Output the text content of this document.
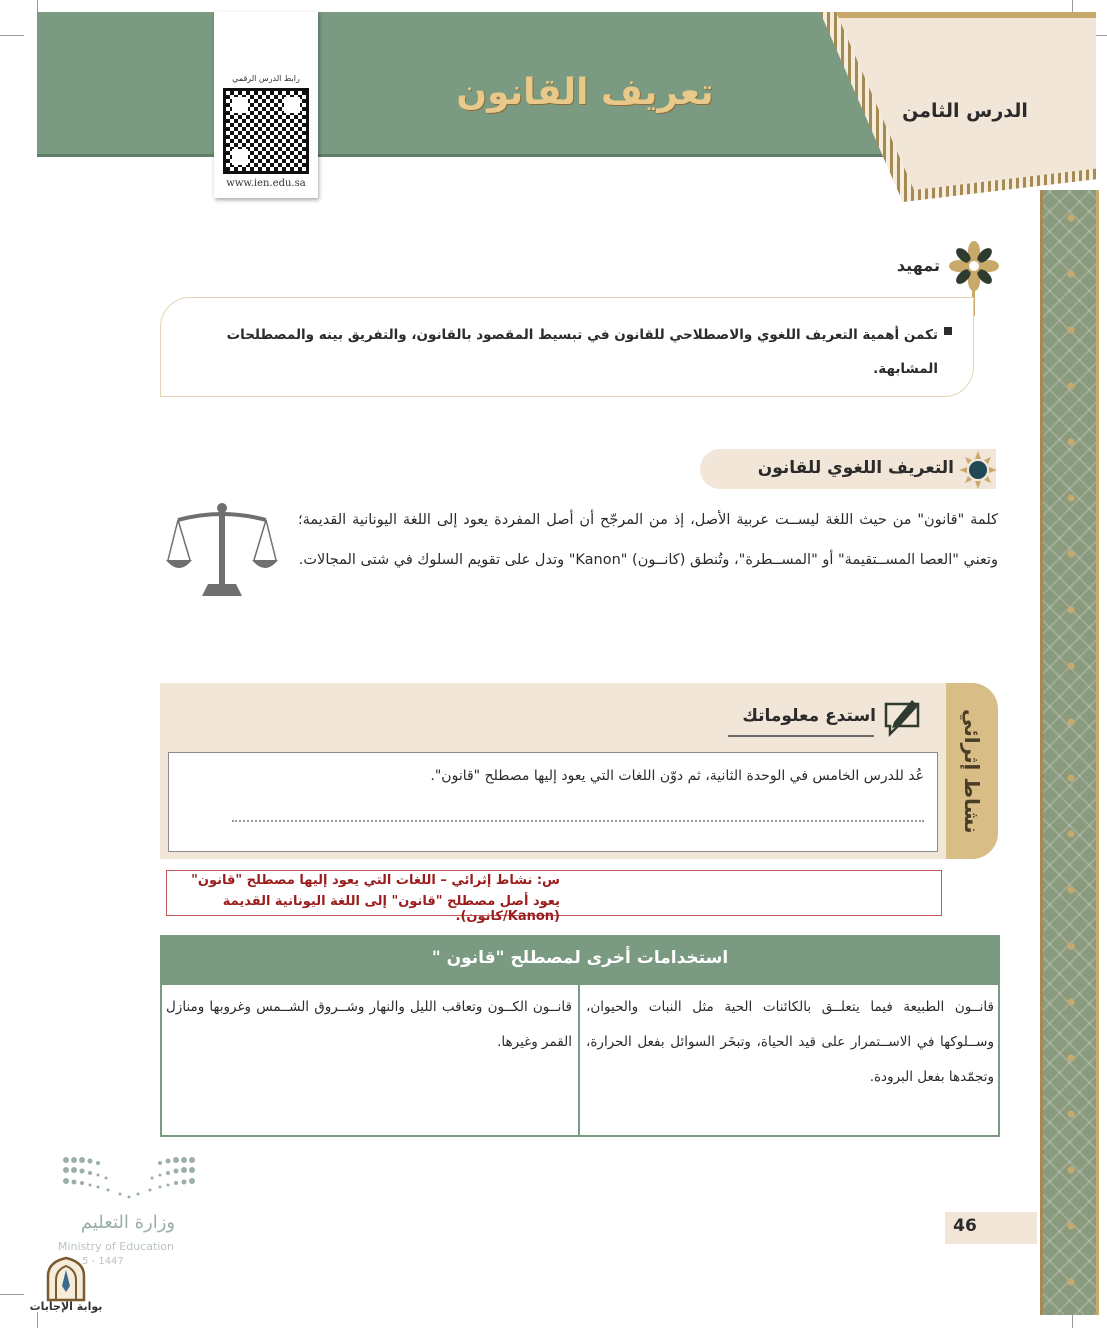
تعريف القانون	الدرس الثامن
رابط الدرس الرقمي
www.ien.edu.sa
تمهيد
تكمن أهمية التعريف اللغوي والاصطلاحي للقانون في تبسيط المقصود بالقانون، والتفريق بينه والمصطلحات المشابهة.
التعريف اللغوي للقانون
كلمة "قانون" من حيث اللغة ليســت عربية الأصل، إذ من المرجّح أن أصل المفردة يعود إلى اللغة اليونانية القديمة؛ وتعني "العصا المســتقيمة" أو "المســطرة"، وتُنطق (كانــون) "Kanon" وتدل على تقويم السلوك في شتى المجالات.
نشاط إثرائي
استدع معلوماتك
عُد للدرس الخامس في الوحدة الثانية، ثم دوّن اللغات التي يعود إليها مصطلح "قانون".
س: نشاط إثرائي – اللغات التي يعود إليها مصطلح "قانون"
يعود أصل مصطلح "قانون" إلى اللغة اليونانية القديمة (Kanon/كانون).
استخدامات أخرى لمصطلح "قانون "
قانــون الطبيعة فيما يتعلــق بالكائنات الحية مثل النبات والحيوان، وســلوكها في الاســتمرار على قيد الحياة، وتبخَر السوائل بفعل الحرارة، وتجمّدها بفعل البرودة.
قانــون الكــون وتعاقب الليل والنهار وشــروق الشــمس وغروبها ومنازل القمر وغيرها.
وزارة التعليم
Ministry of Education
5 - 1447
بوابة الإجابات
46
